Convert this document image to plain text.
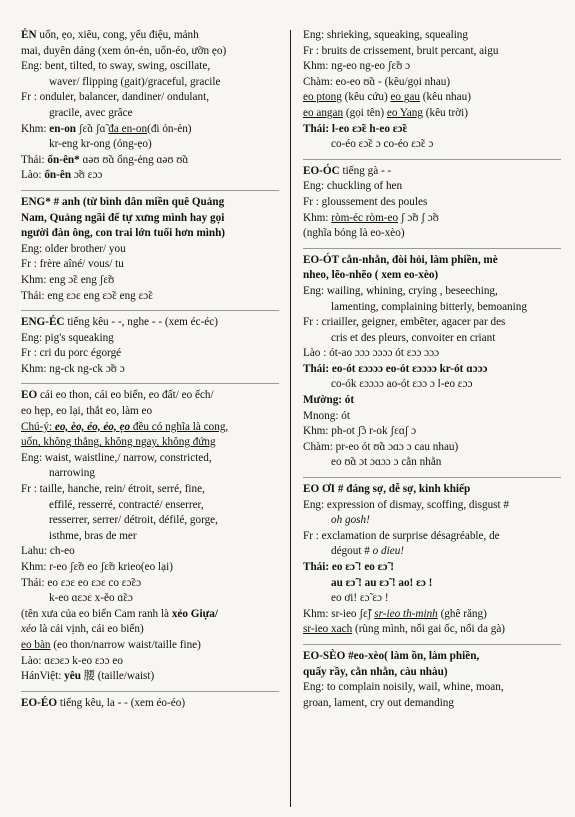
ẺN uốn, ẹo, xiêu, cong, yểu điệu, mảnh
mai, duyên dáng (xem ỏn-ẻn, uốn-éo, ưỡn ẹo)
Eng: bent, tilted, to sway, swing, oscillate,
waver/ flipping (gait)/graceful, gracile
Fr : onduler, balancer, dandiner/ ondulant,
gracile, avec grâce
Khm: en-on ʃɛ̃ɑ ʃɑ̃ đa en-on(đi ỏn-ẻn)
kr-eng kr-ong (ỏng-ẹo)
Thái: ổn-ên* ɑəʊ ʊ̃ɑ ổng-ẻng ɑəʊ ʊ̃ɑ
Lào: ổn-ên ɔ̃ʊ ɛɔɔ
ENG* # anh (từ bình dân miền quê Quảng
Nam, Quảng ngãi để tự xưng mình hay gọi
người đàn ông, con trai lớn tuổi hơn mình)
Eng: older brother/ you
Fr : frère aîné/ vous/ tu
Khm: eng ɔ̃ɛ eng ʃɛ̃ʊ
Thái: eng ɛɔɛ eng ɛɔ̃ɛ eng ɛɔ̃ɛ
ENG-ÉC tiếng kêu - -, nghe - - (xem éc-éc)
Eng: pig's squeaking
Fr : cri du porc égorgé
Khm: ng-ck ng-ck ɔ̃ʊ ɔ
EO cái eo thon, cái eo biển, eo đất/ eo ếch/
eo hẹp, eo lại, thắt eo, làm eo
Chú-ý: eo, èo, éo, ẻo, ẹo đều có nghĩa là cong,
uốn, không thẳng, không ngay, không đứng
Eng: waist, waistline,/ narrow, constricted,
narrowing
Fr : taille, hanche, rein/ étroit, serré, fine,
effilé, resserré, contracté/ enserrer,
resserrer, serrer/ détroit, défilé, gorge,
isthme, bras de mer
Lahu: ch-eo
Khm: r-eo ʃɛ̃ʊ eo ʃɛ̃ʊ krieo(eo lại)
Thái: eo ɛɔɛ eo ɛɔɛ co ɛɔ̃ɛɔ
k-eo ɑɛɔɛ x-ěo ɑ̃ɛɔ
(tên xưa của eo biển Cam ranh là xẻo Giựa/
xẻo là cái vịnh, cái eo biển)
eo bàn (eo thon/narrow waist/taille fine)
Lào: ɑɛɔɛɔ k-eo ɛɔɔ eo
HánViệt: yêu 腰 (taille/waist)
EO-ÉO tiếng kêu, la - - (xem éo-éo)
Eng: shrieking, squeaking, squealing
Fr : bruits de crissement, bruit percant, aigu
Khm: ng-eo ng-eo ʃɛ̃ʊ ɔ
Chàm: eo-eo ʊ̃ɑ - (kêu/gọi nhau)
eo ptong (kêu cứu) eo gau (kêu nhau)
eo angan (gọi tên) eo Yang (kêu trời)
Thái: l-eo ɛɔ̃ɛ h-eo ɛɔ̃ɛ
co-éo ɛɔ̃ɛ ɔ co-éo ɛɔ̃ɛ ɔ
EO-ÓC tiếng gà - -
Eng: chuckling of hen
Fr : gloussement des poules
Khm: ròm-éc ròm-eo ʃ ɔ̃ʊ ʃ ɔ̃ʊ
(nghĩa bóng là eo-xèo)
EO-ÓT cằn-nhằn, đòi hỏi, làm phiền, mè
nheo, lẽo-nhẽo ( xem eo-xèo)
Eng: wailing, whining, crying , beseeching,
lamenting, complaining bitterly, bemoaning
Fr : criailler, geigner, embêter, agacer par des
cris et des pleurs, convoiter en criant
Lào : ót-ao ɔɔɔ ɔɔɔɔ ót ɛɔɔ ɔɔɔ
Thái: eo-ót ɛɔɔɔɔ eo-ót ɛɔɔɔɔ kr-ót ɑɔɔɔ
co-ók ɛɔɔɔɔ ao-ót ɛɔɔ ɔ l-eo ɛɔɔ
Mường: ót
Mnong: ót
Khm: ph-ot ʃ̃ɔ r-ok ʃɛɑʃ ɔ
Chàm: pr-eo ót ʊ̃ɑ ɔɑɔ ɔ cau nhau)
eo ʊ̃ɑ ɔt ɔɑɔɔ ɔ cằn nhằn
EO ƠI # đáng sợ, dễ sợ, kinh khiếp
Eng: expression of dismay, scoffing, disgust #
oh gosh!
Fr : exclamation de surprise désagréable, de
dégout # o dieu!
Thái: eo ɛɔ̃ ! eo ɛɔ̃ !
au ɛɔ̃ ! au ɛɔ̃ ! ao! ɛɔ !
eo ơi! ɛɔ̃ ɛɔ !
Khm: sr-ieo ʃɛ̃ʃ sr-ieo th-minh (ghê răng)
sr-ieo xach (rùng mình, nổi gai ốc, nổi da gà)
EO-SÈO #eo-xèo( làm ồn, làm phiền,
quấy rầy, cằn nhằn, càu nhàu)
Eng: to complain noisily, wail, whine, moan,
groan, lament, cry out demanding
